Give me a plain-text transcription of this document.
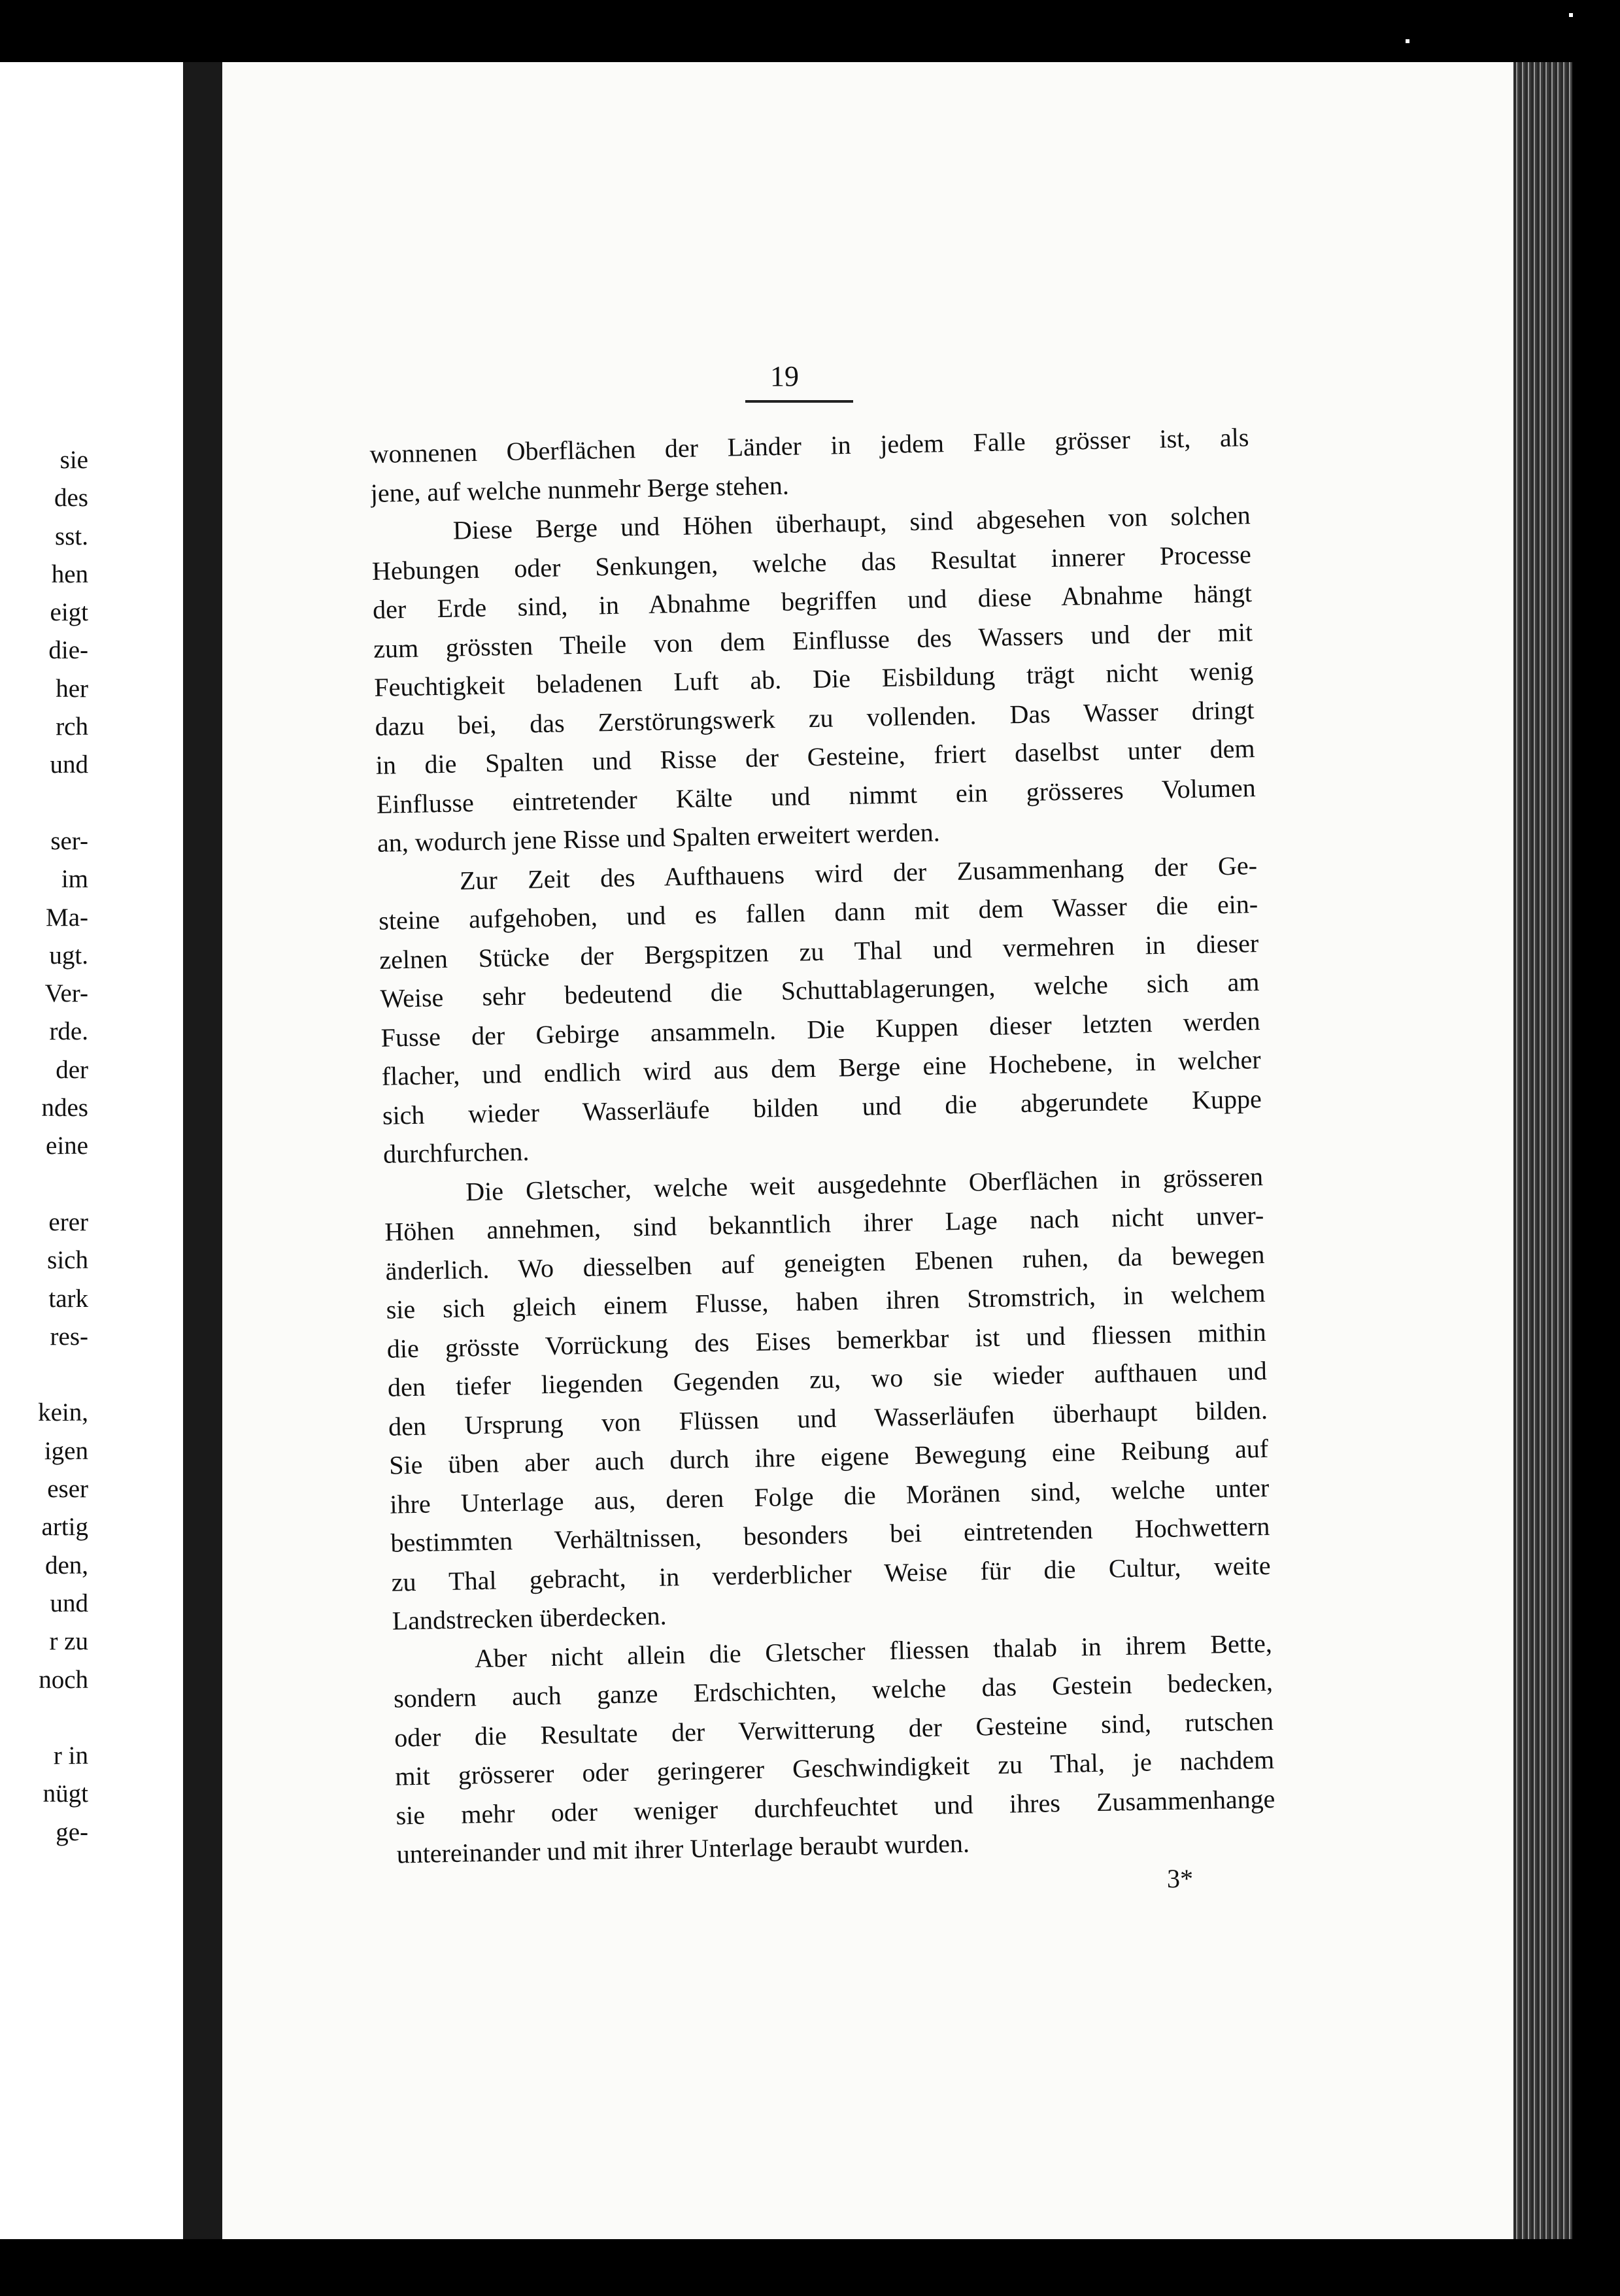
sie
des
sst.
hen
eigt
die-
her
rch
und
ser-
im
Ma-
ugt.
Ver-
rde.
der
ndes
eine
erer
sich
tark
res-
kein,
igen
eser
artig
den,
und
r zu
noch
r in
nügt
ge-
19
wonnenen Oberflächen der Länder in jedem Falle grösser ist, als
jene, auf welche nunmehr Berge stehen.
Diese Berge und Höhen überhaupt, sind abgesehen von solchen
Hebungen oder Senkungen, welche das Resultat innerer Processe
der Erde sind, in Abnahme begriffen und diese Abnahme hängt
zum grössten Theile von dem Einflusse des Wassers und der mit
Feuchtigkeit beladenen Luft ab. Die Eisbildung trägt nicht wenig
dazu bei, das Zerstörungswerk zu vollenden. Das Wasser dringt
in die Spalten und Risse der Gesteine, friert daselbst unter dem
Einflusse eintretender Kälte und nimmt ein grösseres Volumen
an, wodurch jene Risse und Spalten erweitert werden.
Zur Zeit des Aufthauens wird der Zusammenhang der Ge-
steine aufgehoben, und es fallen dann mit dem Wasser die ein-
zelnen Stücke der Bergspitzen zu Thal und vermehren in dieser
Weise sehr bedeutend die Schuttablagerungen, welche sich am
Fusse der Gebirge ansammeln. Die Kuppen dieser letzten werden
flacher, und endlich wird aus dem Berge eine Hochebene, in welcher
sich wieder Wasserläufe bilden und die abgerundete Kuppe
durchfurchen.
Die Gletscher, welche weit ausgedehnte Oberflächen in grösseren
Höhen annehmen, sind bekanntlich ihrer Lage nach nicht unver-
änderlich. Wo diesselben auf geneigten Ebenen ruhen, da bewegen
sie sich gleich einem Flusse, haben ihren Stromstrich, in welchem
die grösste Vorrückung des Eises bemerkbar ist und fliessen mithin
den tiefer liegenden Gegenden zu, wo sie wieder aufthauen und
den Ursprung von Flüssen und Wasserläufen überhaupt bilden.
Sie üben aber auch durch ihre eigene Bewegung eine Reibung auf
ihre Unterlage aus, deren Folge die Moränen sind, welche unter
bestimmten Verhältnissen, besonders bei eintretenden Hochwettern
zu Thal gebracht, in verderblicher Weise für die Cultur, weite
Landstrecken überdecken.
Aber nicht allein die Gletscher fliessen thalab in ihrem Bette,
sondern auch ganze Erdschichten, welche das Gestein bedecken,
oder die Resultate der Verwitterung der Gesteine sind, rutschen
mit grösserer oder geringerer Geschwindigkeit zu Thal, je nachdem
sie mehr oder weniger durchfeuchtet und ihres Zusammenhange
untereinander und mit ihrer Unterlage beraubt wurden.
3*
